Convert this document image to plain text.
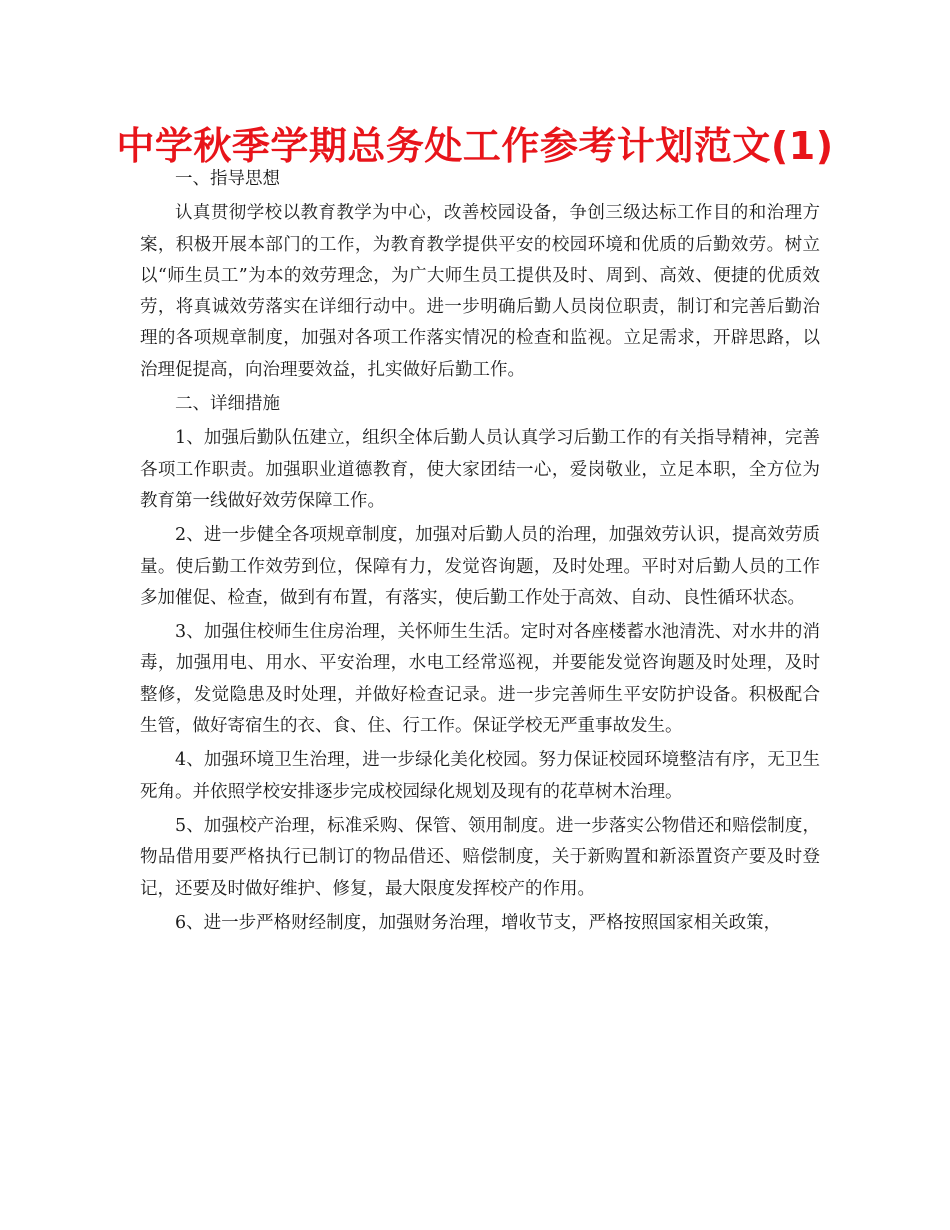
中学秋季学期总务处工作参考计划范文(1)

一、指导思想

认真贯彻学校以教育教学为中心，改善校园设备，争创三级达标工作目的和治理方案，积极开展本部门的工作，为教育教学提供平安的校园环境和优质的后勤效劳。树立以“师生员工”为本的效劳理念，为广大师生员工提供及时、周到、高效、便捷的优质效劳，将真诚效劳落实在详细行动中。进一步明确后勤人员岗位职责，制订和完善后勤治理的各项规章制度，加强对各项工作落实情况的检查和监视。立足需求，开辟思路，以治理促提高，向治理要效益，扎实做好后勤工作。

二、详细措施

1、加强后勤队伍建立，组织全体后勤人员认真学习后勤工作的有关指导精神，完善各项工作职责。加强职业道德教育，使大家团结一心，爱岗敬业，立足本职，全方位为教育第一线做好效劳保障工作。

2、进一步健全各项规章制度，加强对后勤人员的治理，加强效劳认识，提高效劳质量。使后勤工作效劳到位，保障有力，发觉咨询题，及时处理。平时对后勤人员的工作多加催促、检查，做到有布置，有落实，使后勤工作处于高效、自动、良性循环状态。

3、加强住校师生住房治理，关怀师生生活。定时对各座楼蓄水池清洗、对水井的消毒，加强用电、用水、平安治理，水电工经常巡视，并要能发觉咨询题及时处理，及时整修，发觉隐患及时处理，并做好检查记录。进一步完善师生平安防护设备。积极配合生管，做好寄宿生的衣、食、住、行工作。保证学校无严重事故发生。

4、加强环境卫生治理，进一步绿化美化校园。努力保证校园环境整洁有序，无卫生死角。并依照学校安排逐步完成校园绿化规划及现有的花草树木治理。

5、加强校产治理，标准采购、保管、领用制度。进一步落实公物借还和赔偿制度，物品借用要严格执行已制订的物品借还、赔偿制度，关于新购置和新添置资产要及时登记，还要及时做好维护、修复，最大限度发挥校产的作用。

6、进一步严格财经制度，加强财务治理，增收节支，严格按照国家相关政策，
